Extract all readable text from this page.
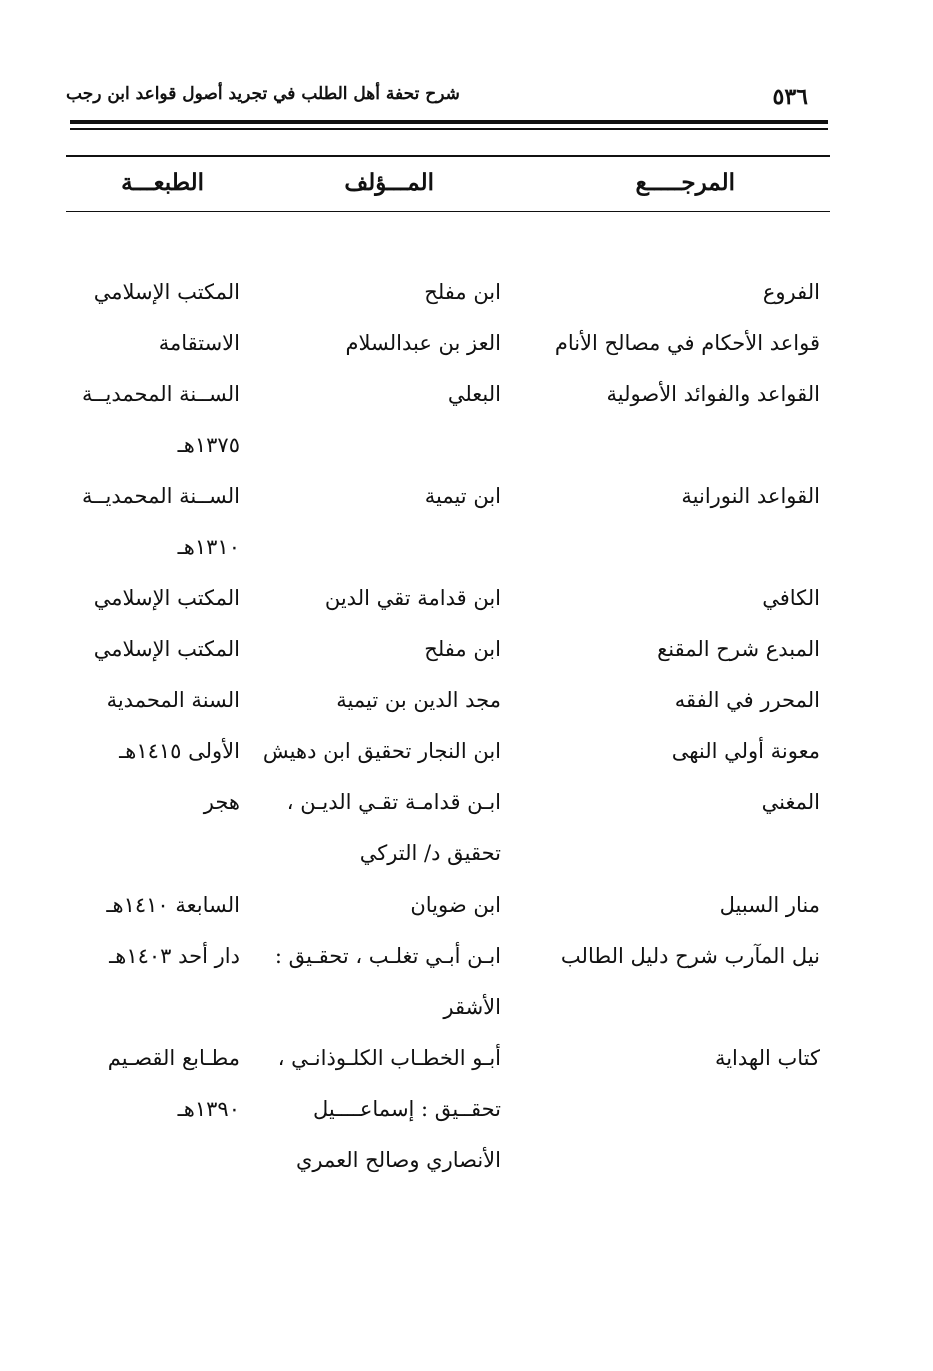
٥٣٦
شرح تحفة أهل الطلب في تجريد أصول قواعد ابن رجب
المرجـــــع
المـــؤلف
الطبعـــة
الفروع
ابن مفلح
المكتب الإسلامي
قواعد الأحكام في مصالح الأنام
العز بن عبدالسلام
الاستقامة
القواعد والفوائد الأصولية
البعلي
الســنة المحمديــة
١٣٧٥هـ
القواعد النورانية
ابن تيمية
الســنة المحمديــة
١٣١٠هـ
الكافي
ابن قدامة تقي الدين
المكتب الإسلامي
المبدع شرح المقنع
ابن مفلح
المكتب الإسلامي
المحرر في الفقه
مجد الدين بن تيمية
السنة المحمدية
معونة أولي النهى
ابن النجار تحقيق ابن دهيش
الأولى ١٤١٥هـ
المغني
ابـن قدامـة تقـي الديـن ،
هجر
تحقيق د/ التركي
منار السبيل
ابن ضويان
السابعة ١٤١٠هـ
نيل المآرب شرح دليل الطالب
ابـن أبـي تغلـب ، تحقـيق :
دار أحد ١٤٠٣هـ
الأشقر
كتاب الهداية
أبـو الخطـاب الكلـوذانـي ،
مطـابع القصـيم
تحقــيق : إسماعــــيل
١٣٩٠هـ
الأنصاري وصالح العمري
